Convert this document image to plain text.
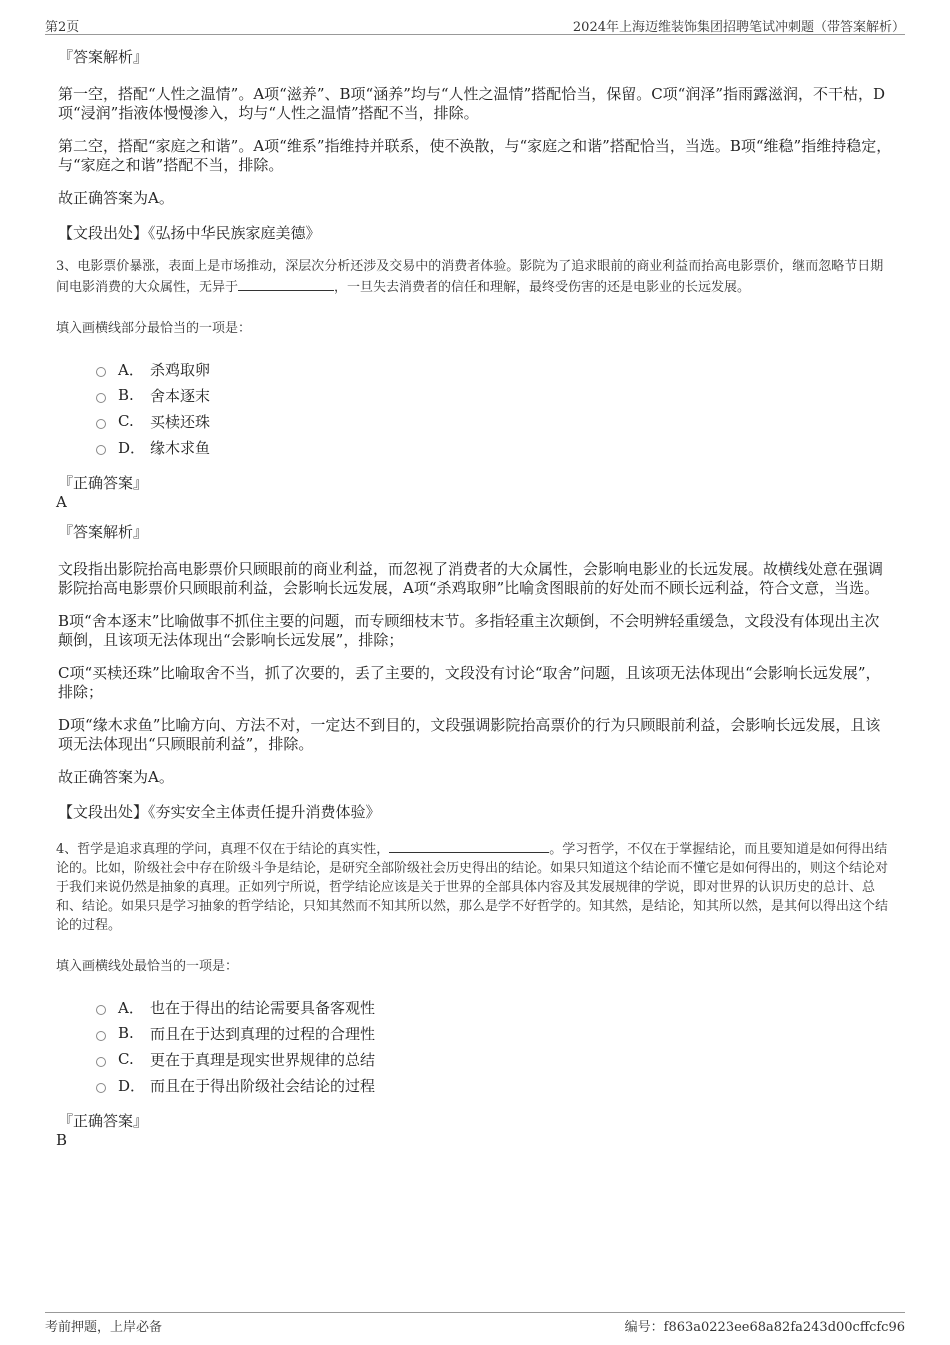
第2页	2024年上海迈维装饰集团招聘笔试冲刺题（带答案解析）
『答案解析』

第一空，搭配“人性之温情”。A项“滋养”、B项“涵养”均与“人性之温情”搭配恰当，保留。C项“润泽”指雨露滋润，不干枯，D项“浸润”指液体慢慢渗入，均与“人性之温情”搭配不当，排除。

第二空，搭配“家庭之和谐”。A项“维系”指维持并联系，使不涣散，与“家庭之和谐”搭配恰当，当选。B项“维稳”指维持稳定，与“家庭之和谐”搭配不当，排除。

故正确答案为A。

【文段出处】《弘扬中华民族家庭美德》
3、电影票价暴涨，表面上是市场推动，深层次分析还涉及交易中的消费者体验。影院为了追求眼前的商业利益而抬高电影票价，继而忽略节日期间电影消费的大众属性，无异于	，一旦失去消费者的信任和理解，最终受伤害的还是电影业的长远发展。
填入画横线部分最恰当的一项是：
A． 杀鸡取卵
B.	舍本逐末
C.	买椟还珠
D． 缘木求鱼
『正确答案』
A
『答案解析』

文段指出影院抬高电影票价只顾眼前的商业利益，而忽视了消费者的大众属性，会影响电影业的长远发展。故横线处意在强调影院抬高电影票价只顾眼前利益，会影响长远发展，A项“杀鸡取卵”比喻贪图眼前的好处而不顾长远利益，符合文意，当选。

B项“舍本逐末”比喻做事不抓住主要的问题，而专顾细枝末节。多指轻重主次颠倒，不会明辨轻重缓急，文段没有体现出主次颠倒，且该项无法体现出“会影响长远发展”，排除；

C项“买椟还珠”比喻取舍不当，抓了次要的，丢了主要的，文段没有讨论“取舍”问题，且该项无法体现出“会影响长远发展”，排除；

D项“缘木求鱼”比喻方向、方法不对，一定达不到目的，文段强调影院抬高票价的行为只顾眼前利益，会影响长远发展，且该项无法体现出“只顾眼前利益”，排除。

故正确答案为A。

【文段出处】《夯实安全主体责任提升消费体验》
4、哲学是追求真理的学问，真理不仅在于结论的真实性，	。学习哲学，不仅在于掌握结论，而且要知道是如何得出结论的。比如，阶级社会中存在阶级斗争是结论，是研究全部阶级社会历史得出的结论。如果只知道这个结论而不懂它是如何得出的，则这个结论对于我们来说仍然是抽象的真理。正如列宁所说，哲学结论应该是关于世界的全部具体内容及其发展规律的学说，即对世界的认识历史的总计、总和、结论。如果只是学习抽象的哲学结论，只知其然而不知其所以然，那么是学不好哲学的。知其然，是结论，知其所以然，是其何以得出这个结论的过程。
填入画横线处最恰当的一项是：
A． 也在于得出的结论需要具备客观性
B.	而且在于达到真理的过程的合理性
C.	更在于真理是现实世界规律的总结
D． 而且在于得出阶级社会结论的过程
『正确答案』
B
考前押题，上岸必备	编号：f863a0223ee68a82fa243d00cffcfc96
